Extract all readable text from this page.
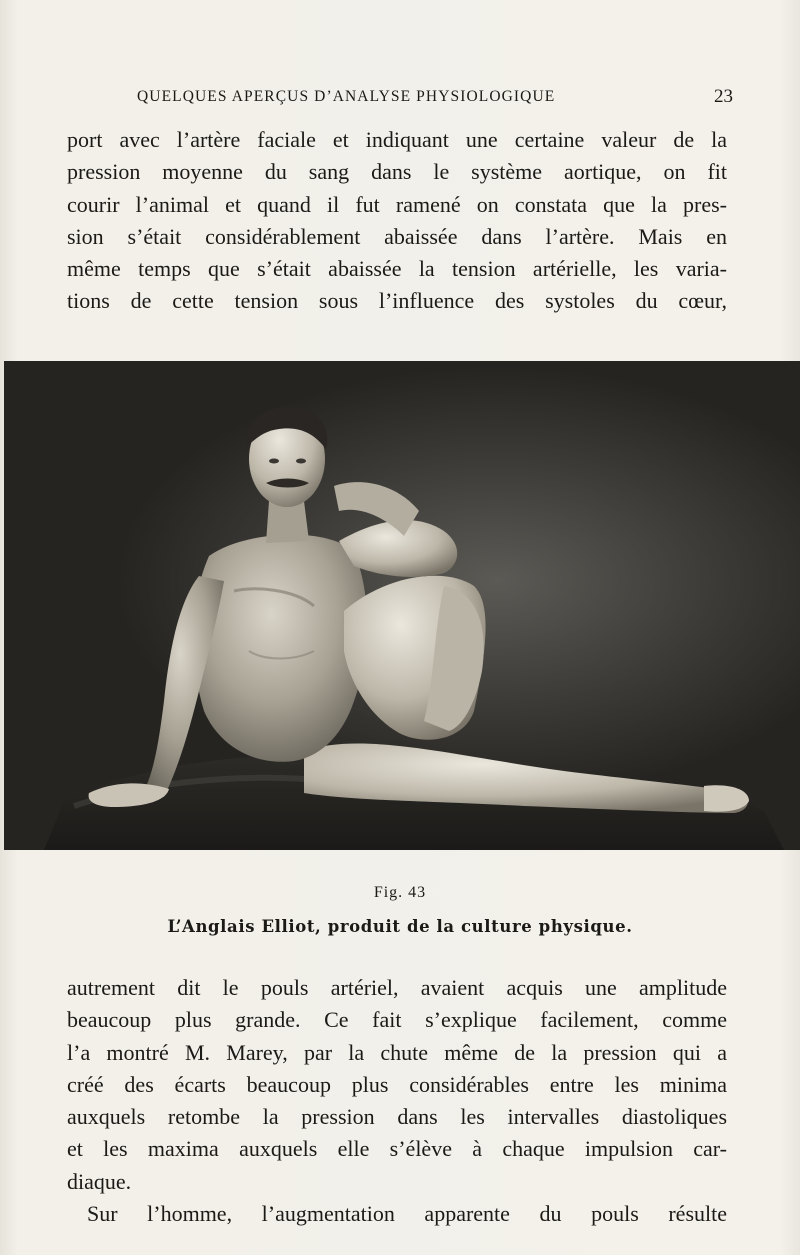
QUELQUES APERÇUS D’ANALYSE PHYSIOLOGIQUE	23
port avec l’artère faciale et indiquant une certaine valeur de la
pression moyenne du sang dans le système aortique, on fit
courir l’animal et quand il fut ramené on constata que la pres-
sion s’était considérablement abaissée dans l’artère. Mais en
même temps que s’était abaissée la tension artérielle, les varia-
tions de cette tension sous l’influence des systoles du cœur,
Fig. 43
L’Anglais Elliot, produit de la culture physique.
autrement dit le pouls artériel, avaient acquis une amplitude
beaucoup plus grande. Ce fait s’explique facilement, comme
l’a montré M. Marey, par la chute même de la pression qui a
créé des écarts beaucoup plus considérables entre les minima
auxquels retombe la pression dans les intervalles diastoliques
et les maxima auxquels elle s’élève à chaque impulsion car-
diaque.
Sur l’homme, l’augmentation apparente du pouls résulte
